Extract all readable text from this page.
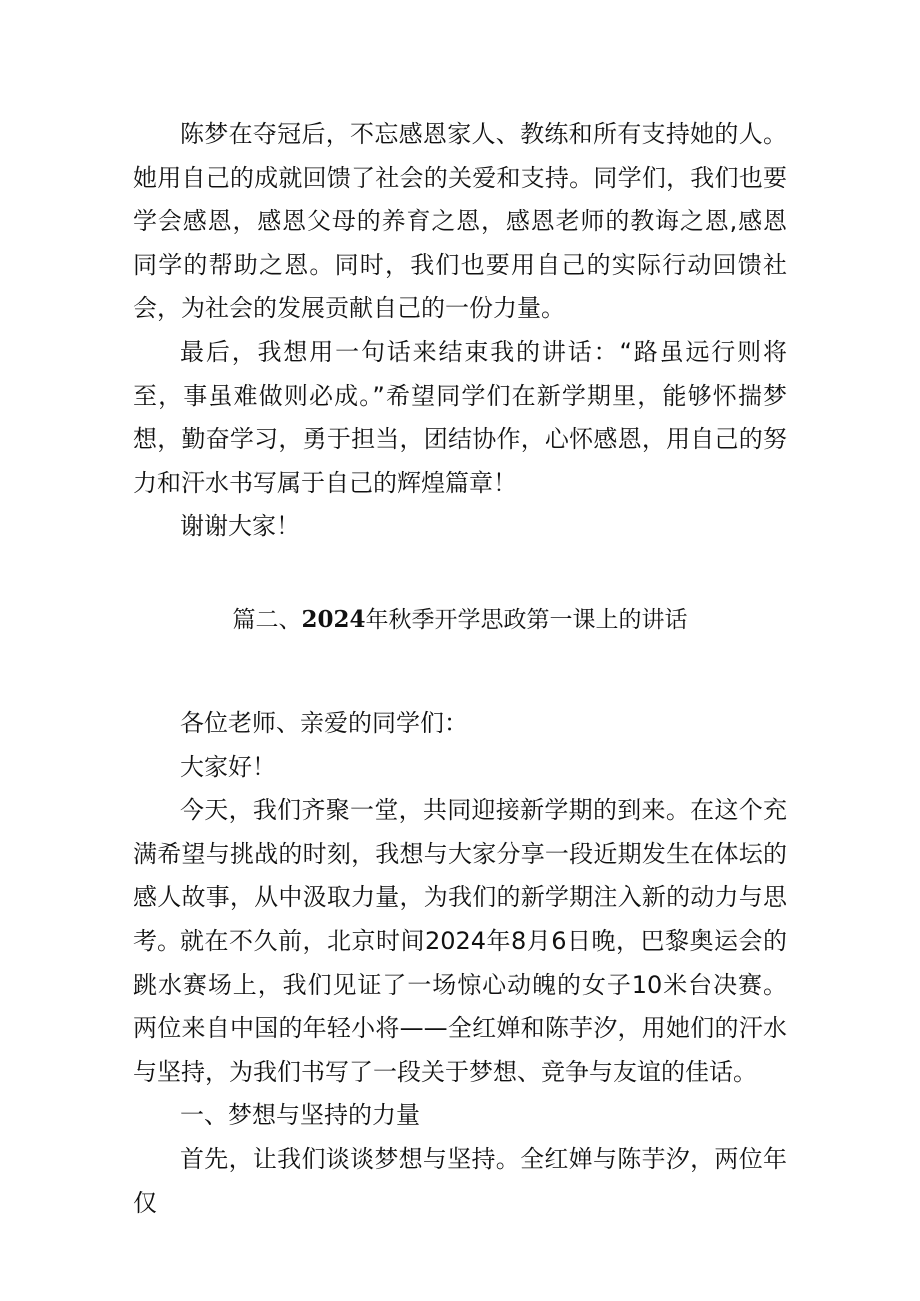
陈梦在夺冠后，不忘感恩家人、教练和所有支持她的人。她用自己的成就回馈了社会的关爱和支持。同学们，我们也要学会感恩，感恩父母的养育之恩，感恩老师的教诲之恩,感恩同学的帮助之恩。同时，我们也要用自己的实际行动回馈社会，为社会的发展贡献自己的一份力量。

最后，我想用一句话来结束我的讲话：“路虽远行则将至，事虽难做则必成。”希望同学们在新学期里，能够怀揣梦想，勤奋学习，勇于担当，团结协作，心怀感恩，用自己的努力和汗水书写属于自己的辉煌篇章！

谢谢大家！

篇二、2024年秋季开学思政第一课上的讲话

各位老师、亲爱的同学们：

大家好！

今天，我们齐聚一堂，共同迎接新学期的到来。在这个充满希望与挑战的时刻，我想与大家分享一段近期发生在体坛的感人故事，从中汲取力量，为我们的新学期注入新的动力与思考。 就在不久前，北京时间2024年8月6日晚，巴黎奥运会的跳水赛场上，我们见证了一场惊心动魄的女子10米台决赛。两位来自中国的年轻小将——全红婵和陈芋汐，用她们的汗水与坚持，为我们书写了一段关于梦想、竞争与友谊的佳话。

一、梦想与坚持的力量

首先，让我们谈谈梦想与坚持。全红婵与陈芋汐，两位年仅
